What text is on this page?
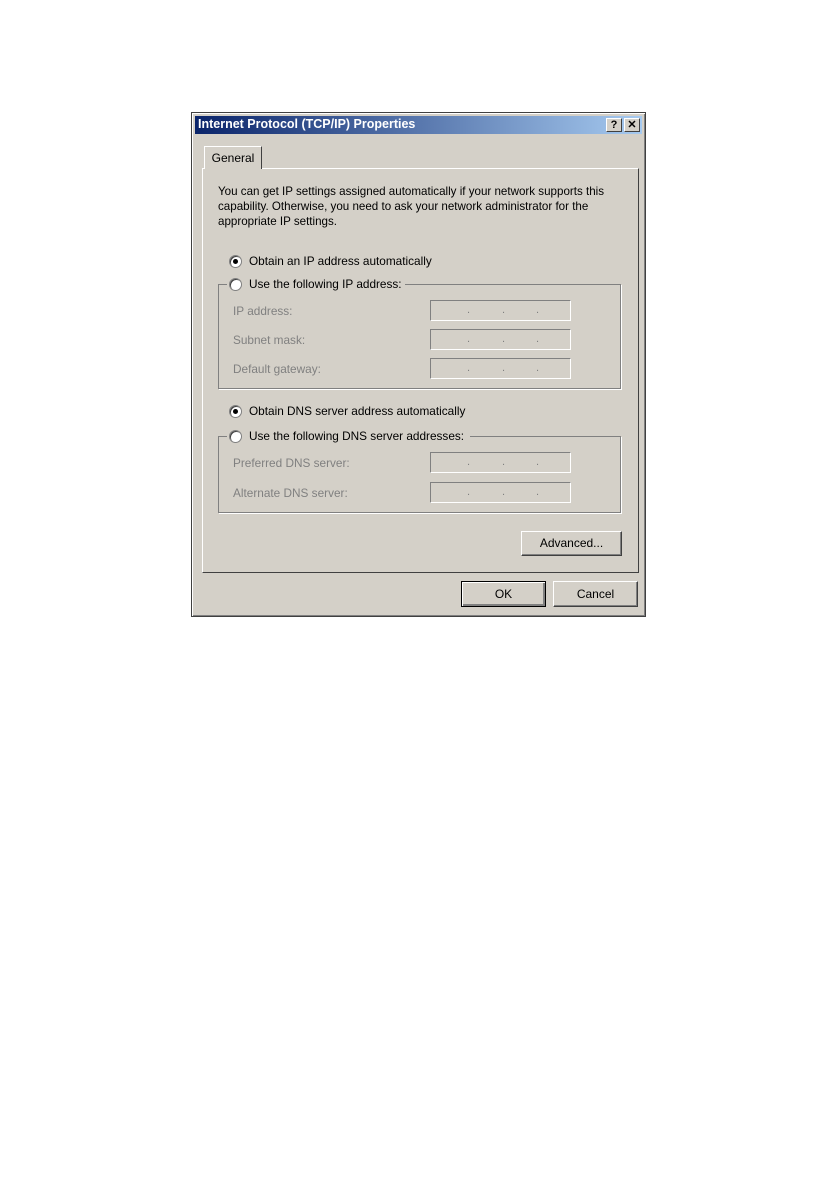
Internet Protocol (TCP/IP) Properties	? ✕
General
You can get IP settings assigned automatically if your network supports this capability. Otherwise, you need to ask your network administrator for the appropriate IP settings.
Obtain an IP address automatically
Use the following IP address:
IP address:	.	.	.
Subnet mask:	.	.	.
Default gateway:	.	.	.
Obtain DNS server address automatically
Use the following DNS server addresses:
Preferred DNS server:	.	.	.
Alternate DNS server:	.	.	.
Advanced...
OK	Cancel
